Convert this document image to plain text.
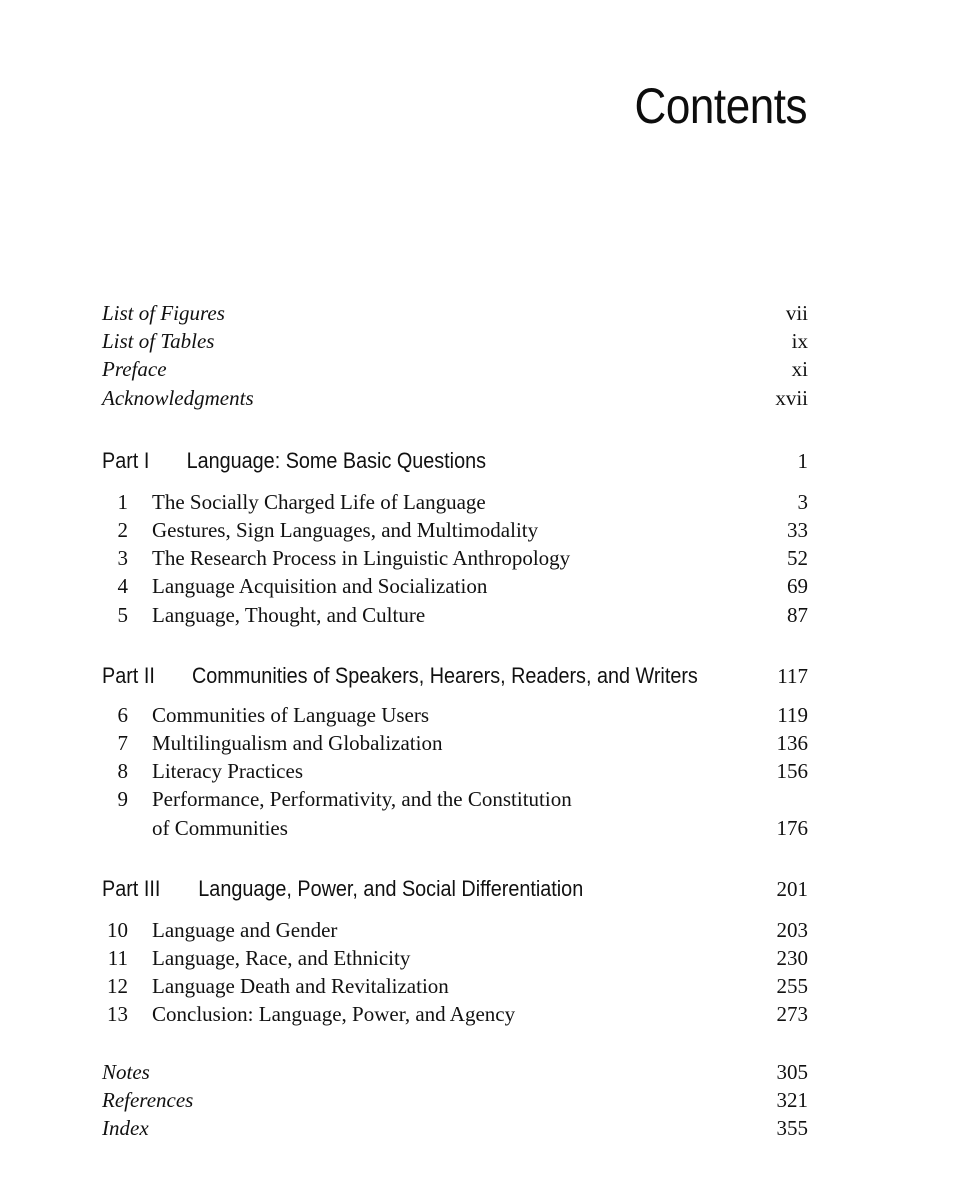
Contents
List of Figures	vii
List of Tables	ix
Preface	xi
Acknowledgments	xvii
Part I Language: Some Basic Questions	1
1 The Socially Charged Life of Language	3
2 Gestures, Sign Languages, and Multimodality	33
3 The Research Process in Linguistic Anthropology	52
4 Language Acquisition and Socialization	69
5 Language, Thought, and Culture	87
Part II Communities of Speakers, Hearers, Readers, and Writers	117
6 Communities of Language Users	119
7 Multilingualism and Globalization	136
8 Literacy Practices	156
9 Performance, Performativity, and the Constitution
of Communities	176
Part III Language, Power, and Social Differentiation	201
10 Language and Gender	203
11 Language, Race, and Ethnicity	230
12 Language Death and Revitalization	255
13 Conclusion: Language, Power, and Agency	273
Notes	305
References	321
Index	355
